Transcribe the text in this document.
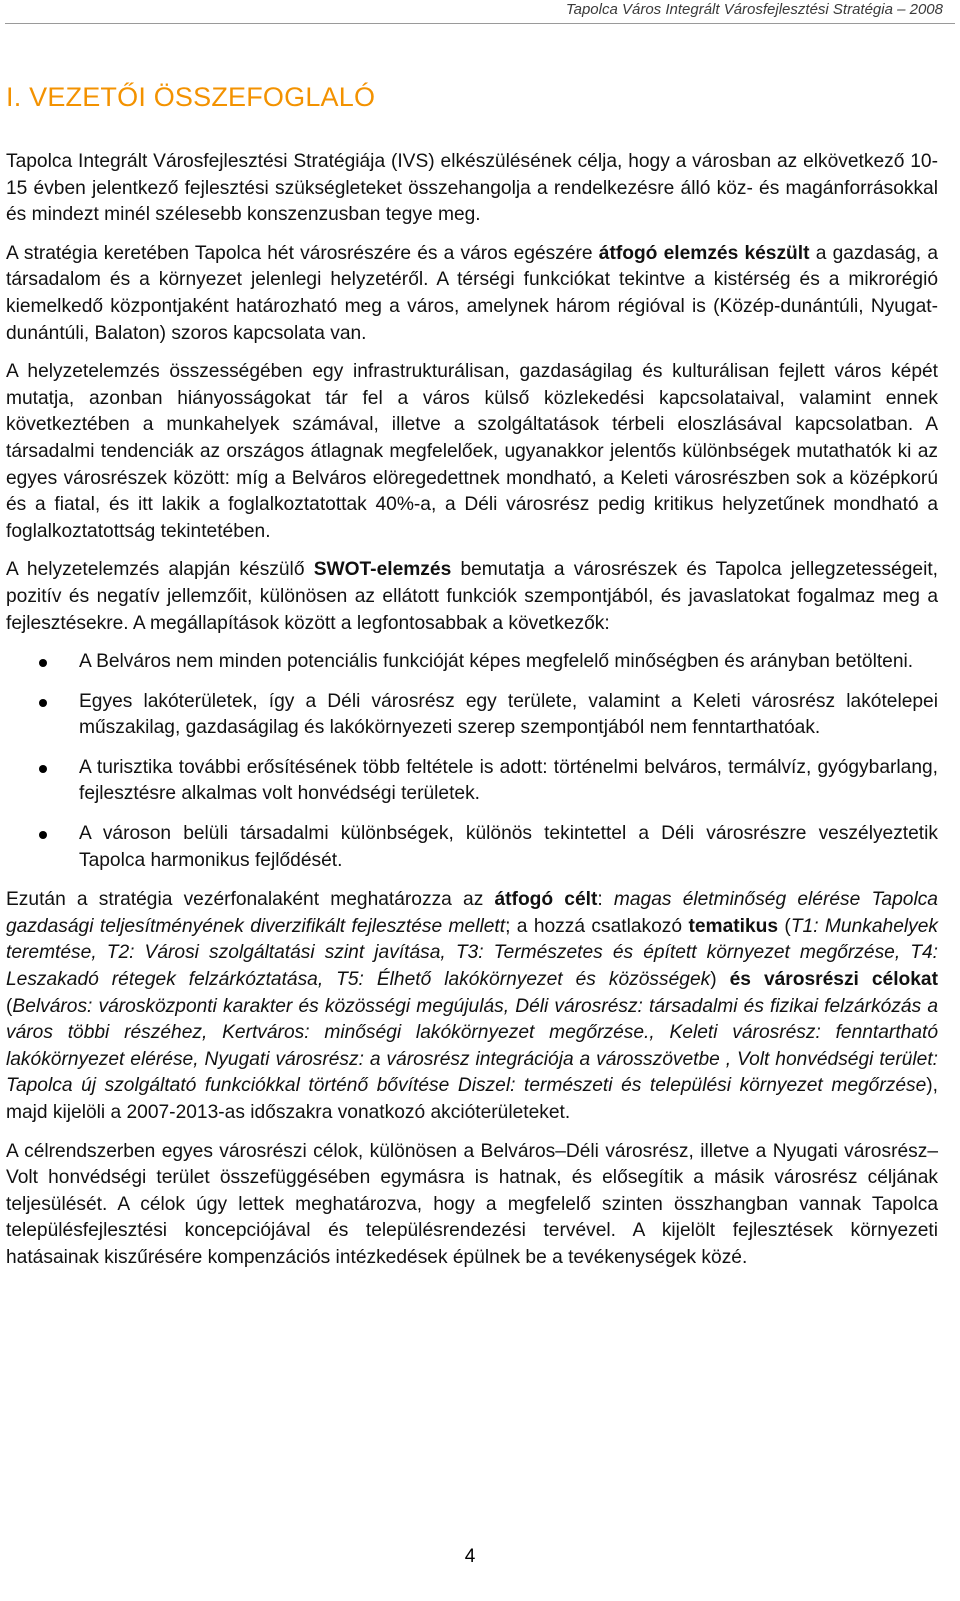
Tapolca Város Integrált Városfejlesztési Stratégia – 2008
I. VEZETŐI ÖSSZEFOGLALÓ

Tapolca Integrált Városfejlesztési Stratégiája (IVS) elkészülésének célja, hogy a városban az elkövetkező 10-15 évben jelentkező fejlesztési szükségleteket összehangolja a rendelkezésre álló köz- és magánforrásokkal és mindezt minél szélesebb konszenzusban tegye meg.

A stratégia keretében Tapolca hét városrészére és a város egészére átfogó elemzés készült a gazdaság, a társadalom és a környezet jelenlegi helyzetéről. A térségi funkciókat tekintve a kistérség és a mikrorégió kiemelkedő központjaként határozható meg a város, amelynek három régióval is (Közép-dunántúli, Nyugat-dunántúli, Balaton) szoros kapcsolata van.

A helyzetelemzés összességében egy infrastrukturálisan, gazdaságilag és kulturálisan fejlett város képét mutatja, azonban hiányosságokat tár fel a város külső közlekedési kapcsolataival, valamint ennek következtében a munkahelyek számával, illetve a szolgáltatások térbeli eloszlásával kapcsolatban. A társadalmi tendenciák az országos átlagnak megfelelőek, ugyanakkor jelentős különbségek mutathatók ki az egyes városrészek között: míg a Belváros elöregedettnek mondható, a Keleti városrészben sok a középkorú és a fiatal, és itt lakik a foglalkoztatottak 40%-a, a Déli városrész pedig kritikus helyzetűnek mondható a foglalkoztatottság tekintetében.

A helyzetelemzés alapján készülő SWOT-elemzés bemutatja a városrészek és Tapolca jellegzetességeit, pozitív és negatív jellemzőit, különösen az ellátott funkciók szempontjából, és javaslatokat fogalmaz meg a fejlesztésekre. A megállapítások között a legfontosabbak a következők:

A Belváros nem minden potenciális funkcióját képes megfelelő minőségben és arányban betölteni.
Egyes lakóterületek, így a Déli városrész egy területe, valamint a Keleti városrész lakótelepei műszakilag, gazdaságilag és lakókörnyezeti szerep szempontjából nem fenntarthatóak.
A turisztika további erősítésének több feltétele is adott: történelmi belváros, termálvíz, gyógybarlang, fejlesztésre alkalmas volt honvédségi területek.
A városon belüli társadalmi különbségek, különös tekintettel a Déli városrészre veszélyeztetik Tapolca harmonikus fejlődését.

Ezután a stratégia vezérfonalaként meghatározza az átfogó célt: magas életminőség elérése Tapolca gazdasági teljesítményének diverzifikált fejlesztése mellett; a hozzá csatlakozó tematikus (T1: Munkahelyek teremtése, T2: Városi szolgáltatási szint javítása, T3: Természetes és épített környezet megőrzése, T4: Leszakadó rétegek felzárkóztatása, T5: Élhető lakókörnyezet és közösségek) és városrészi célokat (Belváros: városközponti karakter és közösségi megújulás, Déli városrész: társadalmi és fizikai felzárkózás a város többi részéhez, Kertváros: minőségi lakókörnyezet megőrzése., Keleti városrész: fenntartható lakókörnyezet elérése, Nyugati városrész: a városrész integrációja a városszövetbe , Volt honvédségi terület: Tapolca új szolgáltató funkciókkal történő bővítése Diszel: természeti és települési környezet megőrzése), majd kijelöli a 2007-2013-as időszakra vonatkozó akcióterületeket.

A célrendszerben egyes városrészi célok, különösen a Belváros–Déli városrész, illetve a Nyugati városrész–Volt honvédségi terület összefüggésében egymásra is hatnak, és elősegítik a másik városrész céljának teljesülését. A célok úgy lettek meghatározva, hogy a megfelelő szinten összhangban vannak Tapolca településfejlesztési koncepciójával és településrendezési tervével. A kijelölt fejlesztések környezeti hatásainak kiszűrésére kompenzációs intézkedések épülnek be a tevékenységek közé.

4
